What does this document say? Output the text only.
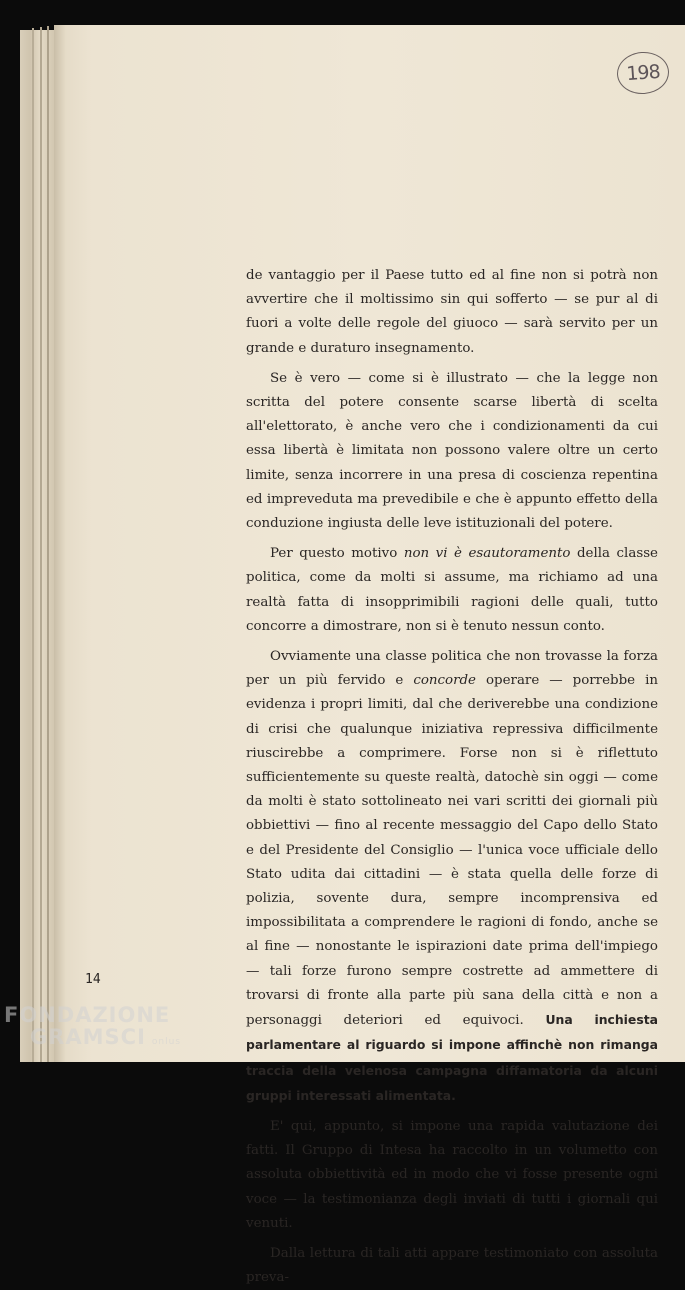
198

de vantaggio per il Paese tutto ed al fine non si potrà non avvertire che il moltissimo sin qui sofferto — se pur al di fuori a volte delle regole del giuoco — sarà servito per un grande e duraturo insegnamento.

Se è vero — come si è illustrato — che la legge non scritta del potere consente scarse libertà di scelta all'elettorato, è anche vero che i condizionamenti da cui essa libertà è limitata non possono valere oltre un certo limite, senza incorrere in una presa di coscienza repentina ed impreveduta ma prevedibile e che è appunto effetto della conduzione ingiusta delle leve istituzionali del potere.

Per questo motivo non vi è esautoramento della classe politica, come da molti si assume, ma richiamo ad una realtà fatta di insopprimibili ragioni delle quali, tutto concorre a dimostrare, non si è tenuto nessun conto.

Ovviamente una classe politica che non trovasse la forza per un più fervido e concorde operare — porrebbe in evidenza i propri limiti, dal che deriverebbe una condizione di crisi che qualunque iniziativa repressiva difficilmente riuscirebbe a comprimere. Forse non si è riflettuto sufficientemente su queste realtà, datochè sin oggi — come da molti è stato sottolineato nei vari scritti dei giornali più obbiettivi — fino al recente messaggio del Capo dello Stato e del Presidente del Consiglio — l'unica voce ufficiale dello Stato udita dai cittadini — è stata quella delle forze di polizia, sovente dura, sempre incomprensiva ed impossibilitata a comprendere le ragioni di fondo, anche se al fine — nonostante le ispirazioni date prima dell'impiego — tali forze furono sempre costrette ad ammettere di trovarsi di fronte alla parte più sana della città e non a personaggi deteriori ed equivoci. Una inchiesta parlamentare al riguardo si impone affinchè non rimanga traccia della velenosa campagna diffamatoria da alcuni gruppi interessati alimentata.

E' qui, appunto, si impone una rapida valutazione dei fatti. Il Gruppo di Intesa ha raccolto in un volumetto con assoluta obbiettività ed in modo che vi fosse presente ogni voce — la testimonianza degli inviati di tutti i giornali qui venuti.

Dalla lettura di tali atti appare testimoniato con assoluta preva-

14
FONDAZIONE
GRAMSCI onlus
